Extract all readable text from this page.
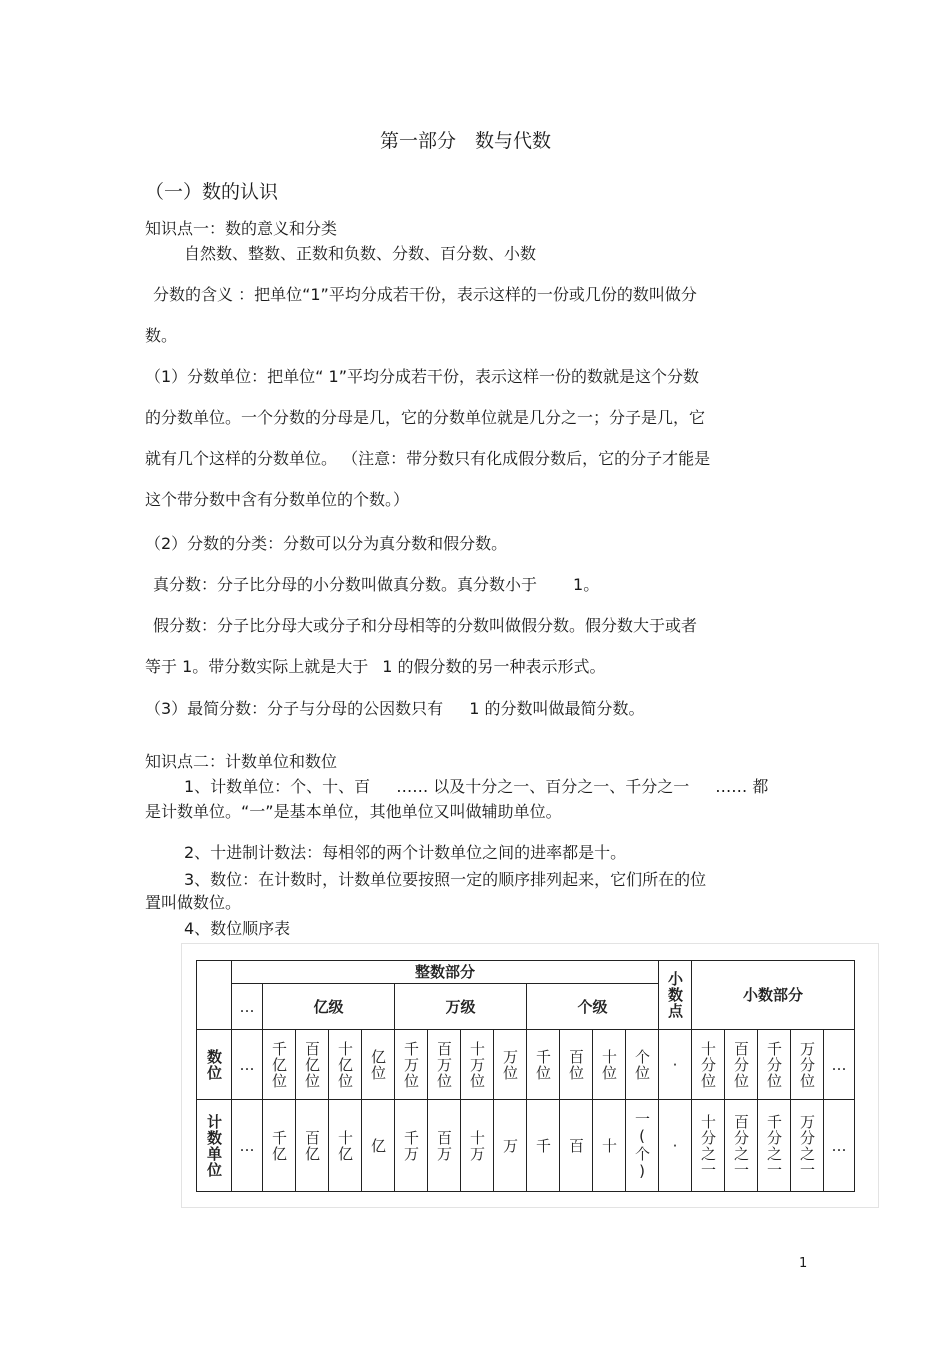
第一部分　数与代数
（一）数的认识
知识点一：数的意义和分类
自然数、整数、正数和负数、分数、百分数、小数
分数的含义 ：把单位“1”平均分成若干份，表示这样的一份或几份的数叫做分
数。
（1）分数单位：把单位“ 1”平均分成若干份，表示这样一份的数就是这个分数
的分数单位。一个分数的分母是几，它的分数单位就是几分之一；分子是几，它
就有几个这样的分数单位。 （注意：带分数只有化成假分数后，它的分子才能是
这个带分数中含有分数单位的个数。）
（2）分数的分类：分数可以分为真分数和假分数。
真分数：分子比分母的小分数叫做真分数。真分数小于 1。
假分数：分子比分母大或分子和分母相等的分数叫做假分数。假分数大于或者
等于 1。带分数实际上就是大于 1 的假分数的另一种表示形式。
（3）最简分数：分子与分母的公因数只有 1 的分数叫做最简分数。
知识点二：计数单位和数位
1、计数单位：个、十、百 …… 以及十分之一、百分之一、千分之一 …… 都
是计数单位。“一”是基本单位，其他单位又叫做辅助单位。
2、十进制计数法：每相邻的两个计数单位之间的进率都是十。
3、数位：在计数时，计数单位要按照一定的顺序排列起来，它们所在的位
置叫做数位。
4、数位顺序表
	整数部分													小数点	小数部分				
	…	亿级				万级				个级									
数位	…	千亿位	百亿位	十亿位	亿位	千万位	百万位	十万位	万位	千位	百位	十位	个位	·	十分位	百分位	千分位	万分位	…
计数单位	…	千亿	百亿	十亿	亿	千万	百万	十万	万	千	百	十	一(个)	·	十分之一	百分之一	千分之一	万分之一	…
1
